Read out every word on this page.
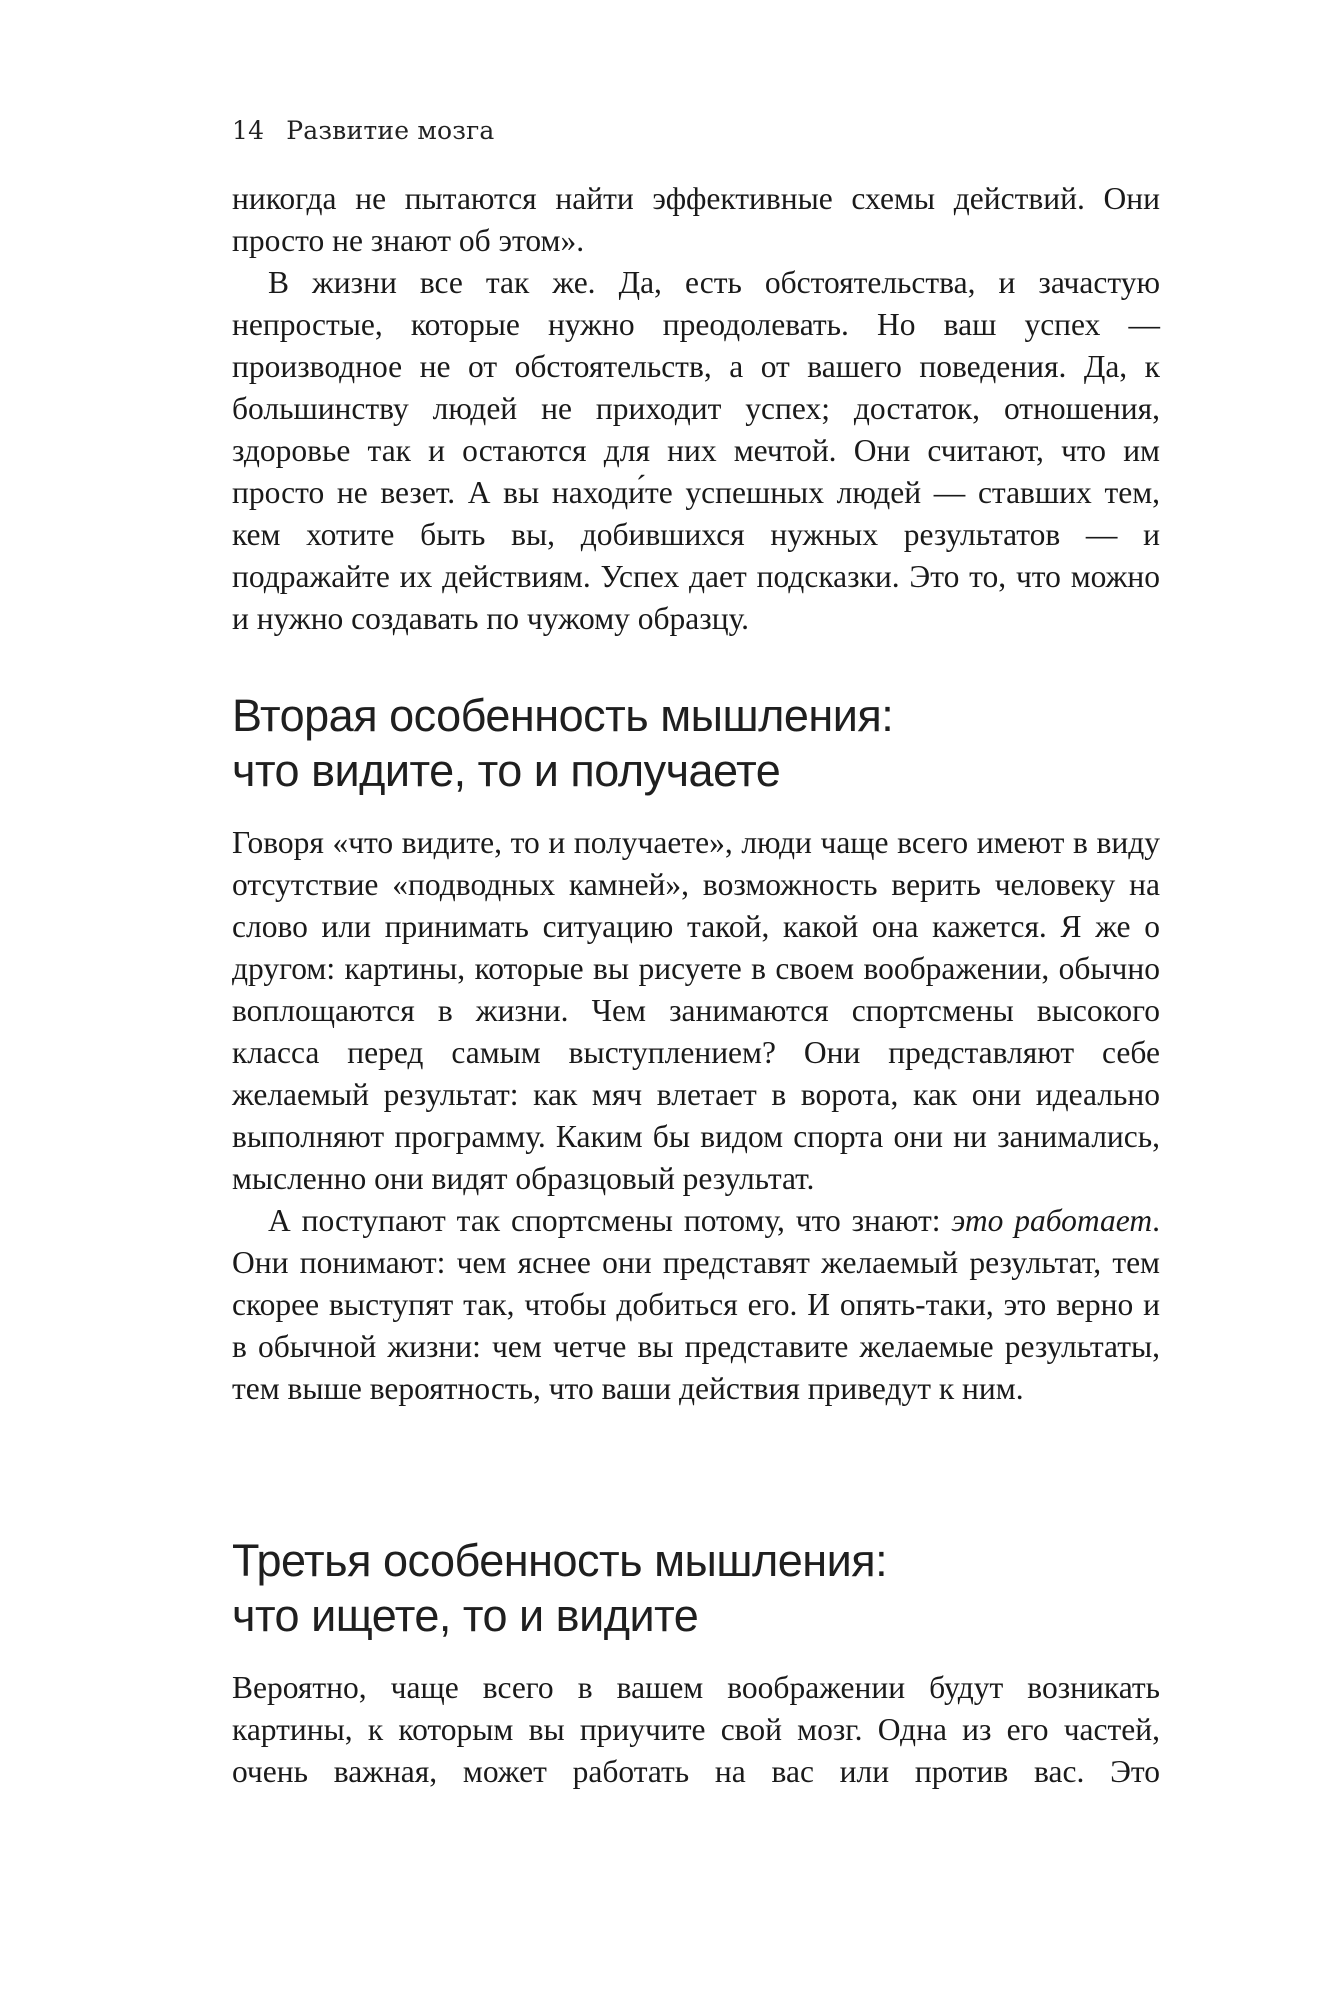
14 Развитие мозга

никогда не пытаются найти эффективные схемы действий. Они просто не знают об этом».

В жизни все так же. Да, есть обстоятельства, и зачастую непростые, которые нужно преодолевать. Но ваш успех — производное не от обстоятельств, а от вашего поведения. Да, к большинству людей не приходит успех; достаток, отношения, здоровье так и остаются для них мечтой. Они считают, что им просто не везет. А вы находи́те успешных людей — ставших тем, кем хотите быть вы, добившихся нужных результатов — и подражайте их действиям. Успех дает подсказки. Это то, что можно и нужно создавать по чужому образцу.

Вторая особенность мышления:
что видите, то и получаете

Говоря «что видите, то и получаете», люди чаще всего имеют в виду отсутствие «подводных камней», возможность верить человеку на слово или принимать ситуацию такой, какой она кажется. Я же о другом: картины, которые вы рисуете в своем воображении, обычно воплощаются в жизни. Чем занимаются спортсмены высокого класса перед самым выступлением? Они представляют себе желаемый результат: как мяч влетает в ворота, как они идеально выполняют программу. Каким бы видом спорта они ни занимались, мысленно они видят образцовый результат.

А поступают так спортсмены потому, что знают: это работает. Они понимают: чем яснее они представят желаемый результат, тем скорее выступят так, чтобы добиться его. И опять-таки, это верно и в обычной жизни: чем четче вы представите желаемые результаты, тем выше вероятность, что ваши действия приведут к ним.

Третья особенность мышления:
что ищете, то и видите

Вероятно, чаще всего в вашем воображении будут возникать картины, к которым вы приучите свой мозг. Одна из его частей, очень важная, может работать на вас или против вас. Это
